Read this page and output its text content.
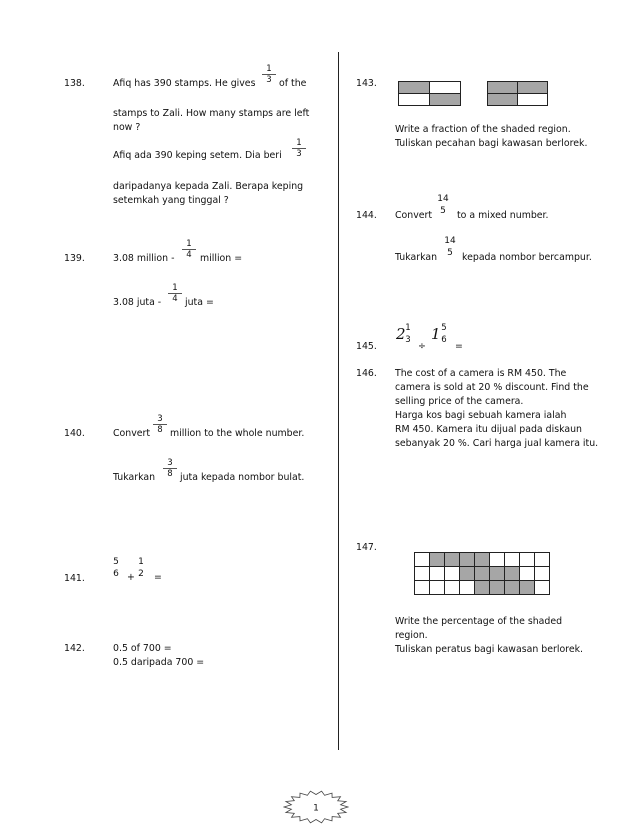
138.	Afiq has 390 stamps. He gives $\frac{1}{3}$ of the
stamps to Zali. How many stamps are left
now ?
Afiq ada 390 keping setem. Dia beri $\frac{1}{3}$
daripadanya kepada Zali. Berapa keping
setemkah yang tinggal ?
139.	3.08 million - $\frac{1}{4}$ million =
3.08 juta - $\frac{1}{4}$ juta =
140.	Convert $\frac{3}{8}$ million to the whole number.
Tukarkan $\frac{3}{8}$ juta kepada nombor bulat.
141.
5
6 +
1
2	=
142.	0.5 of 700 =
0.5 daripada 700 =
143.

Write a fraction of the shaded region.
Tuliskan pecahan bagi kawasan berlorek.
144. Convert
14
5	to a mixed number.
Tukarkan
14
5 kepada nombor bercampur.
145.
2 1
3
÷
1 5
6
=
146. The cost of a camera is RM 450. The
camera is sold at 20 % discount. Find the
selling price of the camera.
Harga kos bagi sebuah kamera ialah
RM 450. Kamera itu dijual pada diskaun
sebanyak 20 %. Cari harga jual kamera itu.
147.

Write the percentage of the shaded
region.
Tuliskan peratus bagi kawasan berlorek.
1
